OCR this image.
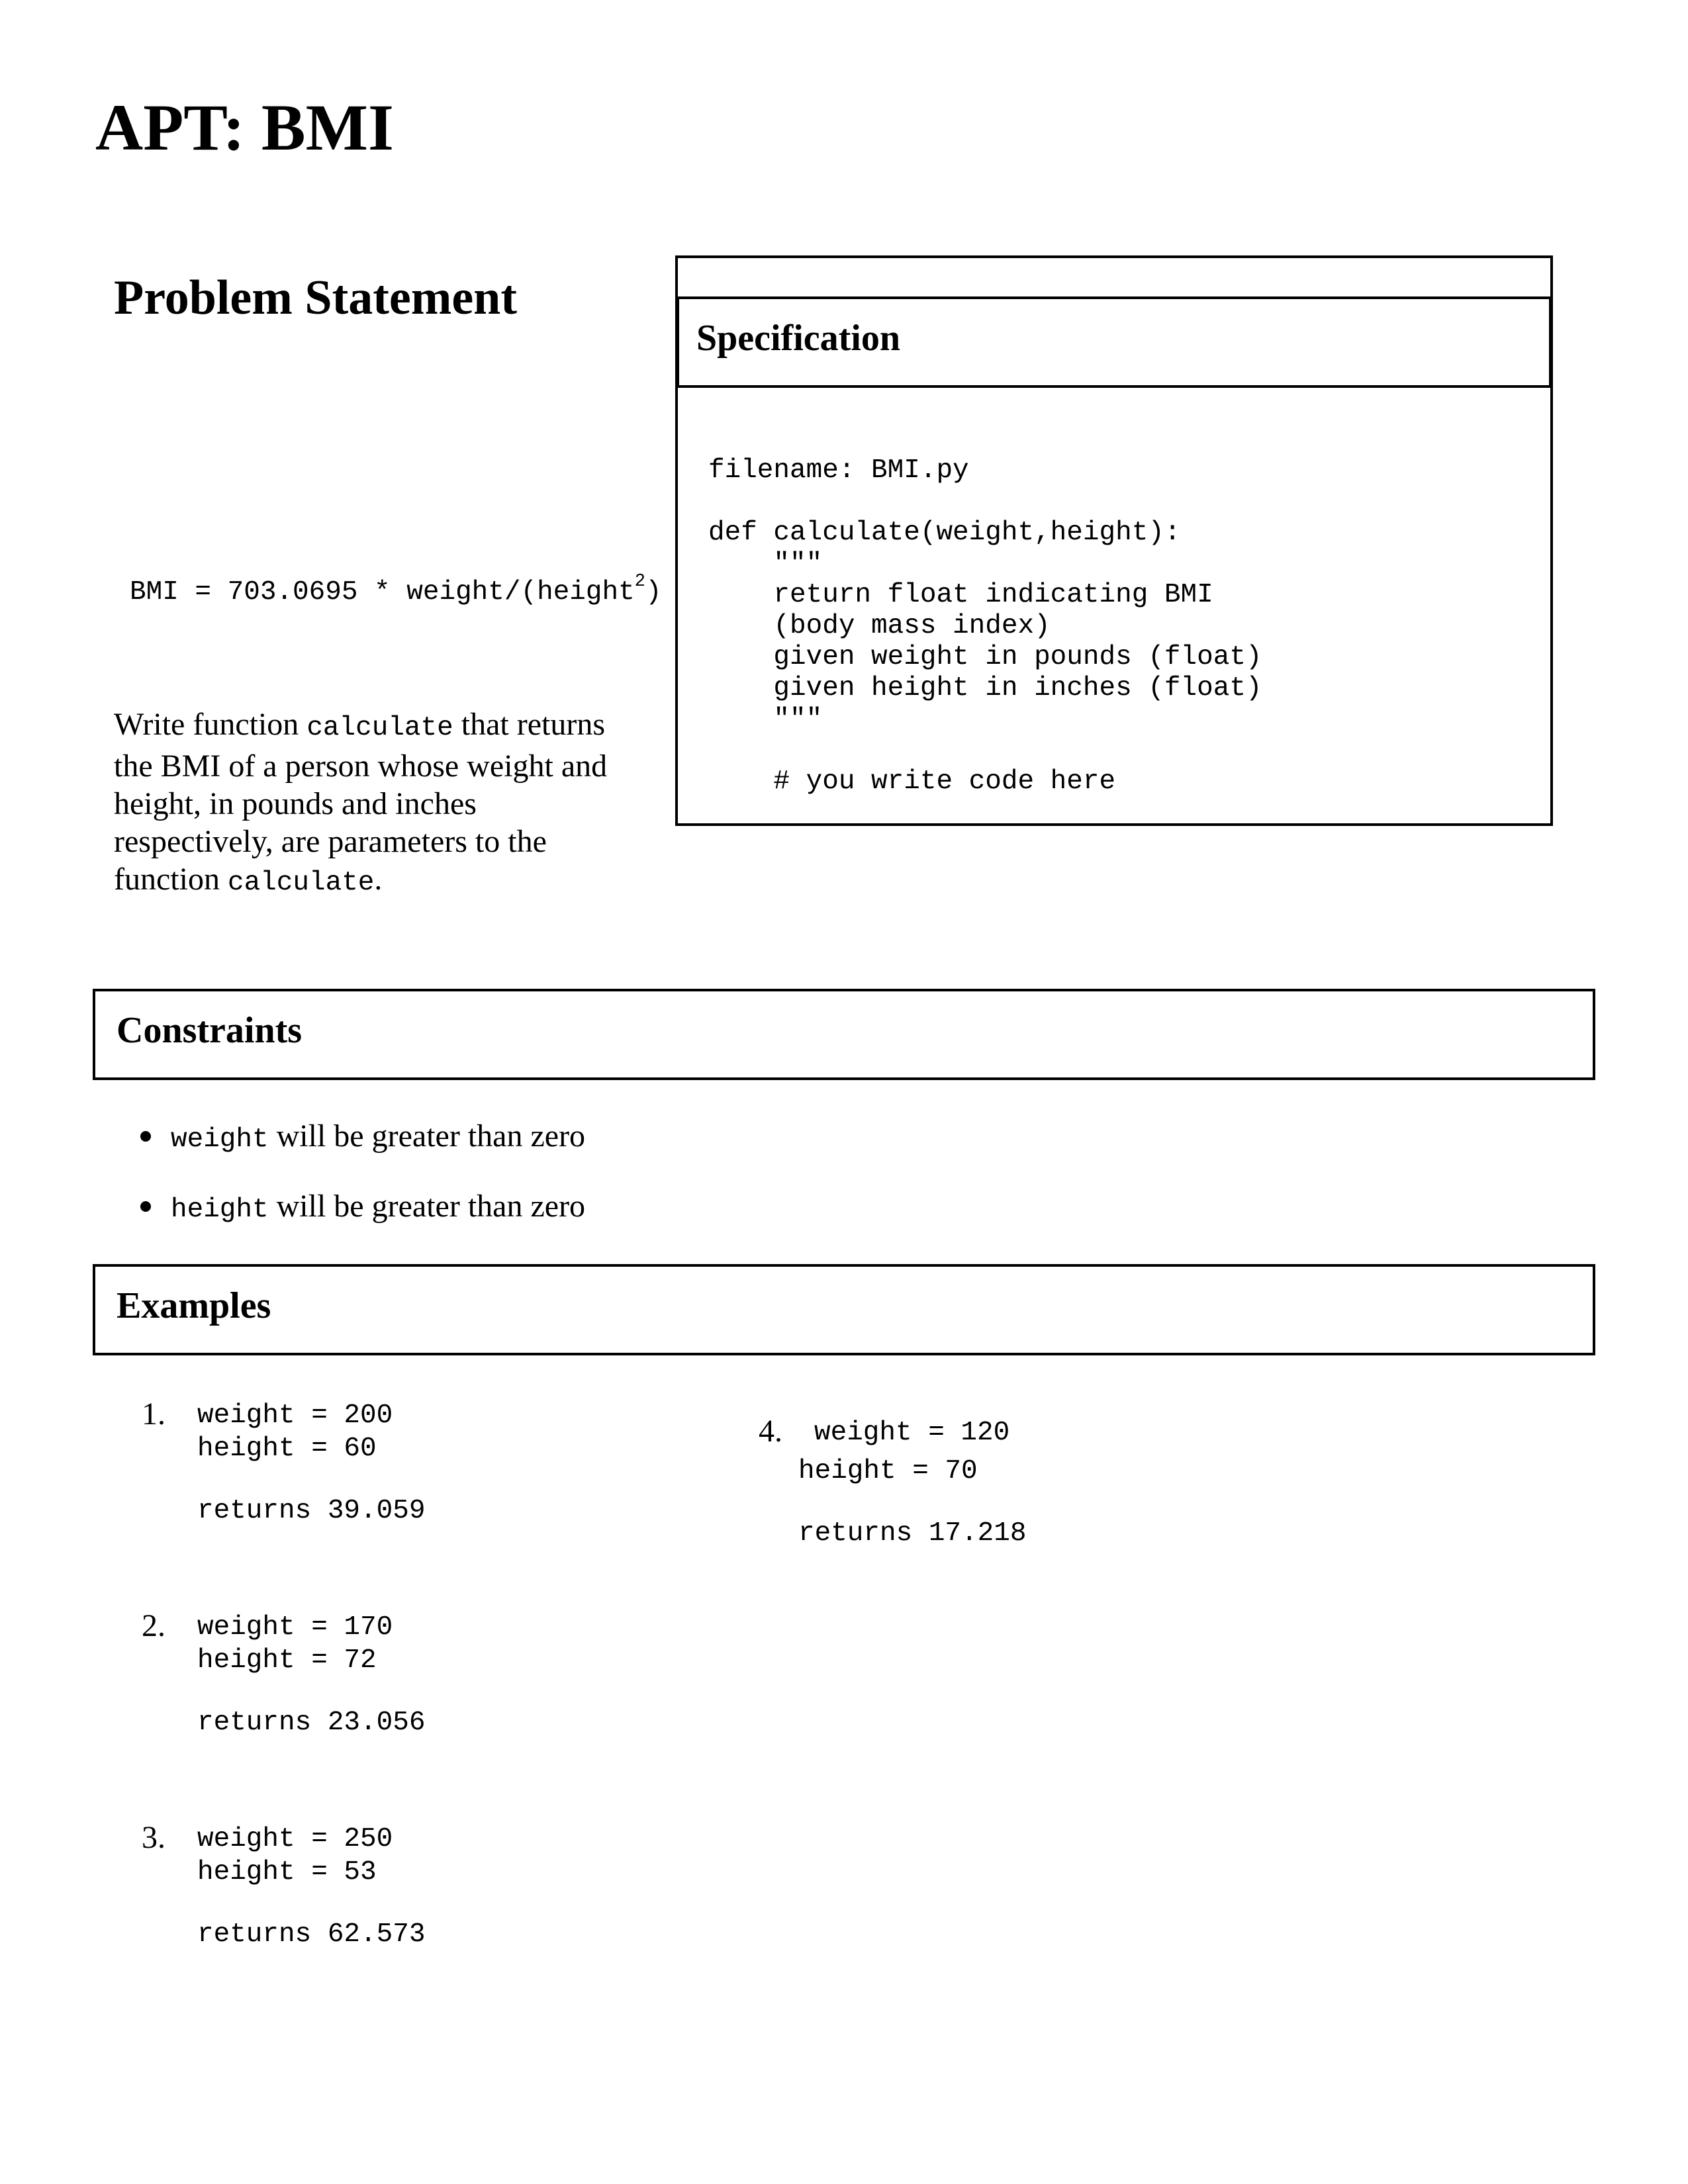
APT: BMI
Problem Statement
BMI = 703.0695 * weight/(height$^2$)

Write function calculate that returns the BMI of a person whose weight and height, in pounds and inches respectively, are parameters to the function calculate.

Specification
filename: BMI.py

def calculate(weight,height):
"""
return float indicating BMI
(body mass index)
given weight in pounds (float)
given height in inches (float)
"""

# you write code here
Constraints
weight will be greater than zero
height will be greater than zero
Examples
1. weight = 200
height = 60
returns 39.059
2. weight = 170
height = 72
returns 23.056
3. weight = 250
height = 53
returns 62.573
4. weight = 120
height = 70
returns 17.218
